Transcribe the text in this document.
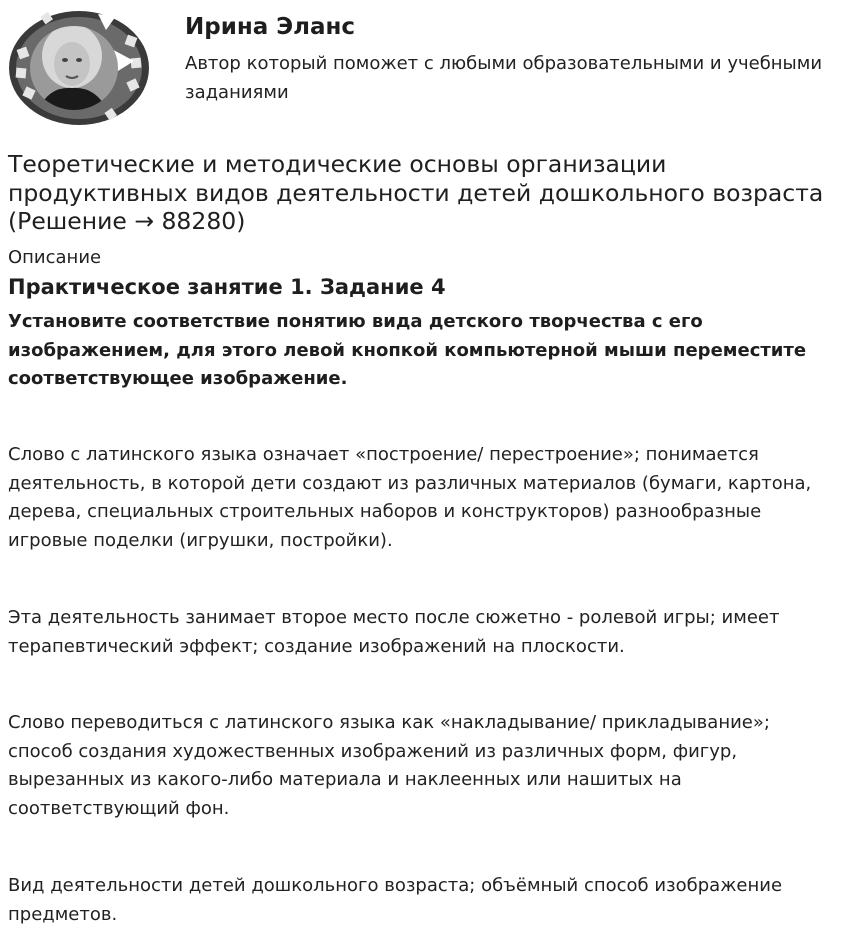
Ирина Эланс
Автор который поможет с любыми образовательными и учебными заданиями
Теоретические и методические основы организации продуктивных видов деятельности детей дошкольного возраста (Решение → 88280)
Описание
Практическое занятие 1. Задание 4
Установите соответствие понятию вида детского творчества с его изображением, для этого левой кнопкой компьютерной мыши переместите соответствующее изображение.

Слово с латинского языка означает «построение/ перестроение»; понимается деятельность, в которой дети создают из различных материалов (бумаги, картона, дерева, специальных строительных наборов и конструкторов) разнообразные игровые поделки (игрушки, постройки).

Эта деятельность занимает второе место после сюжетно - ролевой игры; имеет терапевтический эффект; создание изображений на плоскости.

Слово переводиться с латинского языка как «накладывание/ прикладывание»; способ создания художественных изображений из различных форм, фигур, вырезанных из какого-либо материала и наклеенных или нашитых на соответствующий фон.

Вид деятельности детей дошкольного возраста; объёмный способ изображение предметов.
